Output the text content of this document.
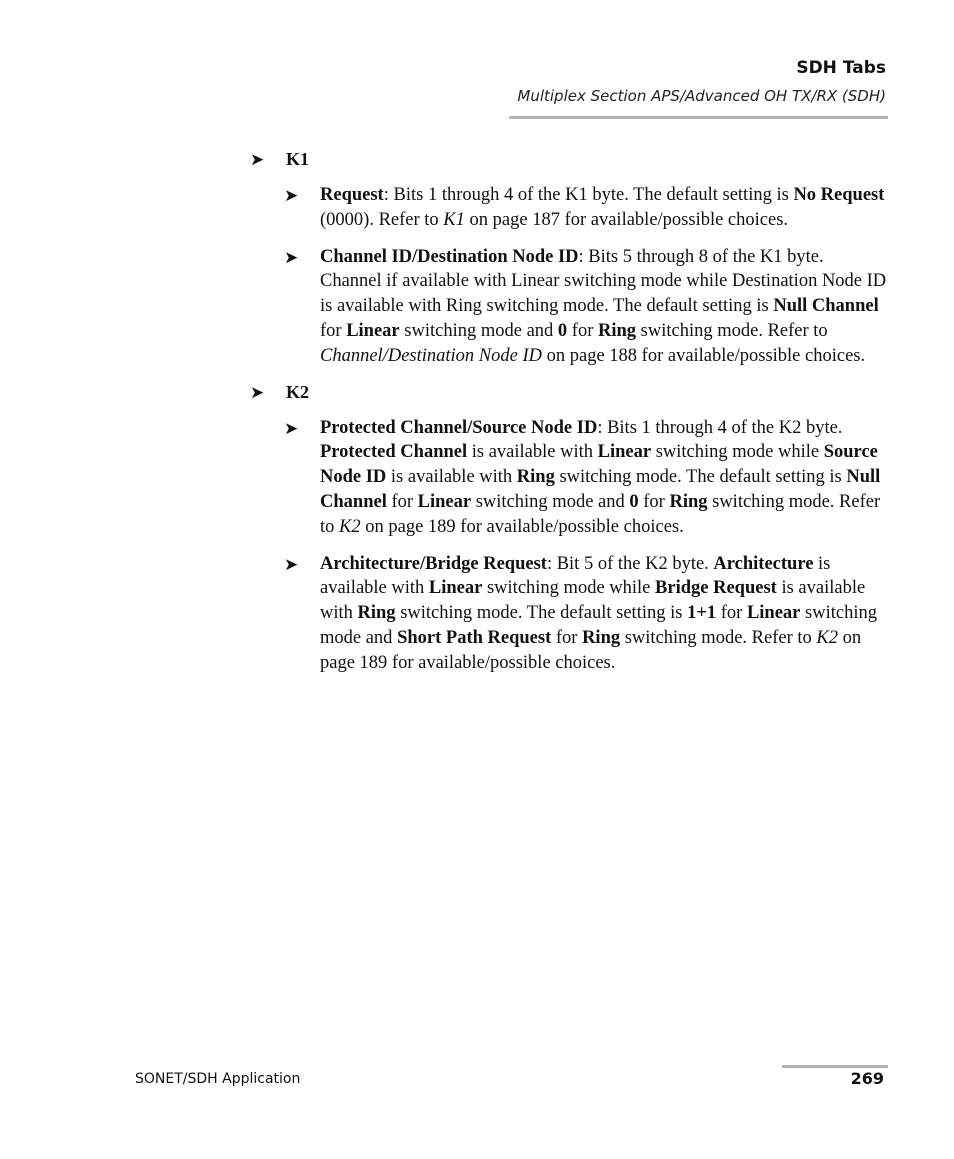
SDH Tabs
Multiplex Section APS/Advanced OH TX/RX (SDH)
➤ K1
➤ Request: Bits 1 through 4 of the K1 byte. The default setting is No Request (0000). Refer to K1 on page 187 for available/possible choices.
➤ Channel ID/Destination Node ID: Bits 5 through 8 of the K1 byte. Channel if available with Linear switching mode while Destination Node ID is available with Ring switching mode. The default setting is Null Channel for Linear switching mode and 0 for Ring switching mode. Refer to Channel/Destination Node ID on page 188 for available/possible choices.
➤ K2
➤ Protected Channel/Source Node ID: Bits 1 through 4 of the K2 byte. Protected Channel is available with Linear switching mode while Source Node ID is available with Ring switching mode. The default setting is Null Channel for Linear switching mode and 0 for Ring switching mode. Refer to K2 on page 189 for available/possible choices.
➤ Architecture/Bridge Request: Bit 5 of the K2 byte. Architecture is available with Linear switching mode while Bridge Request is available with Ring switching mode. The default setting is 1+1 for Linear switching mode and Short Path Request for Ring switching mode. Refer to K2 on page 189 for available/possible choices.
SONET/SDH Application	269
